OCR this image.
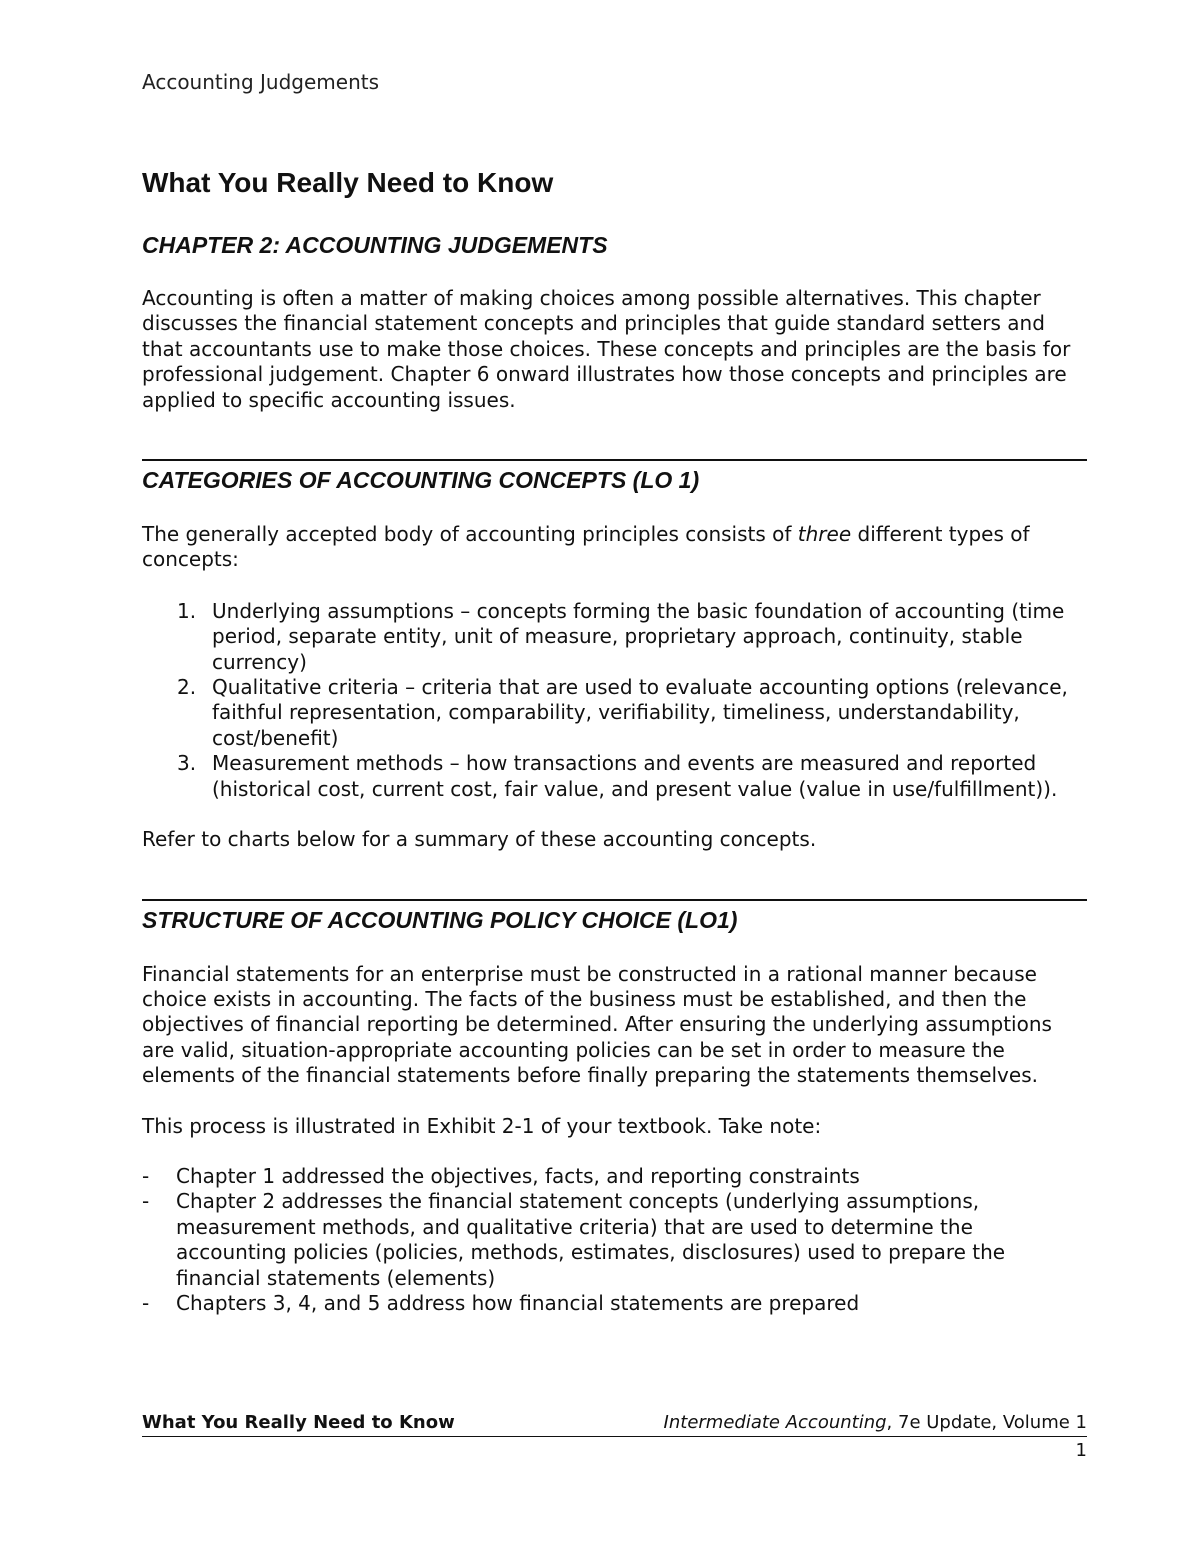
Accounting Judgements
What You Really Need to Know
CHAPTER 2: ACCOUNTING JUDGEMENTS

Accounting is often a matter of making choices among possible alternatives. This chapter discusses the financial statement concepts and principles that guide standard setters and that accountants use to make those choices. These concepts and principles are the basis for professional judgement. Chapter 6 onward illustrates how those concepts and principles are applied to specific accounting issues.

CATEGORIES OF ACCOUNTING CONCEPTS (LO 1)

The generally accepted body of accounting principles consists of three different types of concepts:

1. Underlying assumptions – concepts forming the basic foundation of accounting (time period, separate entity, unit of measure, proprietary approach, continuity, stable currency)
2. Qualitative criteria – criteria that are used to evaluate accounting options (relevance, faithful representation, comparability, verifiability, timeliness, understandability, cost/benefit)
3. Measurement methods – how transactions and events are measured and reported (historical cost, current cost, fair value, and present value (value in use/fulfillment)).

Refer to charts below for a summary of these accounting concepts.

STRUCTURE OF ACCOUNTING POLICY CHOICE (LO1)

Financial statements for an enterprise must be constructed in a rational manner because choice exists in accounting. The facts of the business must be established, and then the objectives of financial reporting be determined. After ensuring the underlying assumptions are valid, situation-appropriate accounting policies can be set in order to measure the elements of the financial statements before finally preparing the statements themselves.

This process is illustrated in Exhibit 2-1 of your textbook. Take note:

- Chapter 1 addressed the objectives, facts, and reporting constraints
- Chapter 2 addresses the financial statement concepts (underlying assumptions, measurement methods, and qualitative criteria) that are used to determine the accounting policies (policies, methods, estimates, disclosures) used to prepare the financial statements (elements)
- Chapters 3, 4, and 5 address how financial statements are prepared
What You Really Need to Know	Intermediate Accounting, 7e Update, Volume 1
1
